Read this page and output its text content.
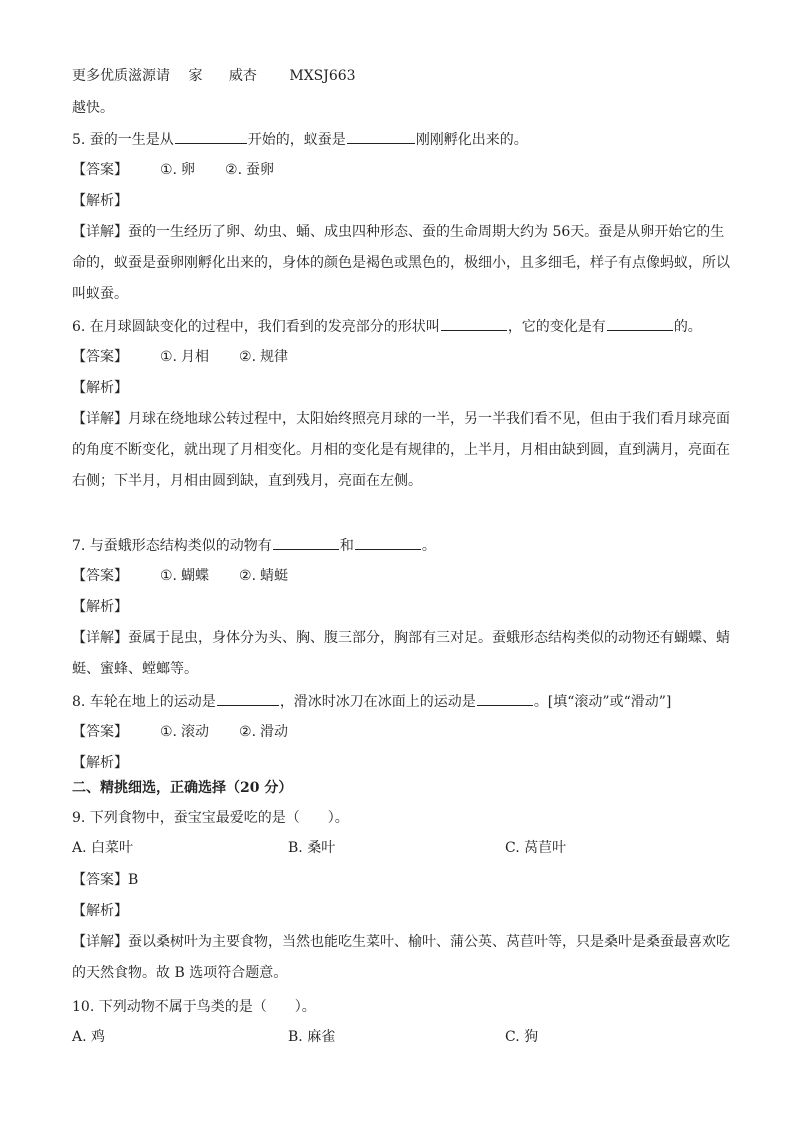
更多优质滋源请 家 威杏 MXSJ663
越快。
5. 蚕的一生是从	开始的，蚁蚕是	刚刚孵化出来的。
【答案】 ①. 卵 ②. 蚕卵
【解析】
【详解】蚕的一生经历了卵、幼虫、蛹、成虫四种形态、蚕的生命周期大约为 56天。蚕是从卵开始它的生命的，蚁蚕是蚕卵刚孵化出来的，身体的颜色是褐色或黑色的，极细小，且多细毛，样子有点像蚂蚁，所以叫蚁蚕。
6. 在月球圆缺变化的过程中，我们看到的发亮部分的形状叫	，它的变化是有	的。
【答案】 ①. 月相 ②. 规律
【解析】
【详解】月球在绕地球公转过程中，太阳始终照亮月球的一半，另一半我们看不见，但由于我们看月球亮面的角度不断变化，就出现了月相变化。月相的变化是有规律的，上半月，月相由缺到圆，直到满月，亮面在右侧；下半月，月相由圆到缺，直到残月，亮面在左侧。
7. 与蚕蛾形态结构类似的动物有	和	。
【答案】 ①. 蝴蝶 ②. 蜻蜓
【解析】
【详解】蚕属于昆虫，身体分为头、胸、腹三部分，胸部有三对足。蚕蛾形态结构类似的动物还有蝴蝶、蜻蜓、蜜蜂、螳螂等。
8. 车轮在地上的运动是	，滑冰时冰刀在冰面上的运动是	。[填“滚动”或“滑动”]
【答案】 ①. 滚动 ②. 滑动
【解析】
二、精挑细选，正确选择（20 分）
9. 下列食物中，蚕宝宝最爱吃的是（　　）。
A. 白菜叶	B. 桑叶	C. 莴苣叶
【答案】B
【解析】
【详解】蚕以桑树叶为主要食物，当然也能吃生菜叶、榆叶、蒲公英、莴苣叶等，只是桑叶是桑蚕最喜欢吃的天然食物。故 B 选项符合题意。
10. 下列动物不属于鸟类的是（　　）。
A. 鸡	B. 麻雀	C. 狗
